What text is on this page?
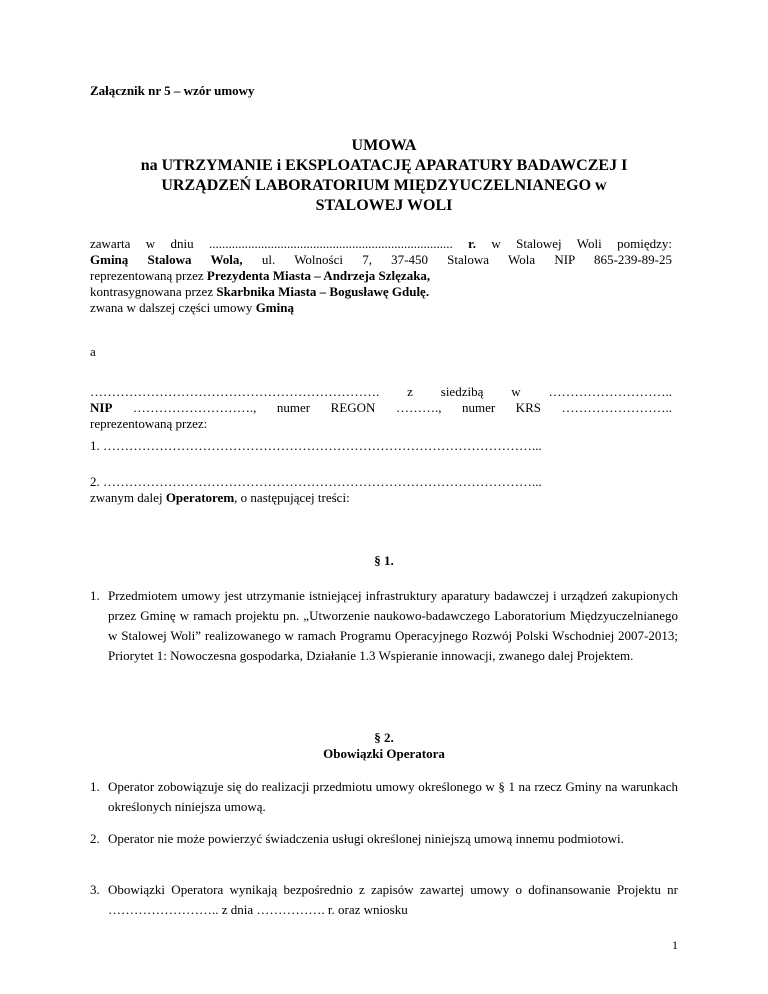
Załącznik nr 5 – wzór umowy
UMOWA
na UTRZYMANIE i EKSPLOATACJĘ APARATURY BADAWCZEJ I
URZĄDZEŃ LABORATORIUM MIĘDZYUCZELNIANEGO w
STALOWEJ WOLI
zawarta w dniu ........................................................................... r. w Stalowej Woli pomiędzy:
Gminą Stalowa Wola, ul. Wolności 7, 37-450 Stalowa Wola NIP 865-239-89-25
reprezentowaną przez Prezydenta Miasta – Andrzeja Szlęzaka,
kontrasygnowana przez Skarbnika Miasta – Bogusławę Gdulę.
zwana w dalszej części umowy Gminą
a
…………………………………………………………. z siedzibą w ………………………..
NIP ………………………., numer REGON ………., numer KRS ……………………..
reprezentowaną przez:
1. ………………………………………………………………………………………...
2. ………………………………………………………………………………………...
zwanym dalej Operatorem, o następującej treści:
§ 1.
1. Przedmiotem umowy jest utrzymanie istniejącej infrastruktury aparatury badawczej i urządzeń zakupionych przez Gminę w ramach projektu pn. „Utworzenie naukowo-badawczego Laboratorium Międzyuczelnianego w Stalowej Woli” realizowanego w ramach Programu Operacyjnego Rozwój Polski Wschodniej 2007-2013; Priorytet 1: Nowoczesna gospodarka, Działanie 1.3 Wspieranie innowacji, zwanego dalej Projektem.
§ 2.
Obowiązki Operatora
1. Operator zobowiązuje się do realizacji przedmiotu umowy określonego w § 1 na rzecz Gminy na warunkach określonych niniejsza umową.
2. Operator nie może powierzyć świadczenia usługi określonej niniejszą umową innemu podmiotowi.
3. Obowiązki Operatora wynikają bezpośrednio z zapisów zawartej umowy o dofinansowanie Projektu nr …………………….. z dnia ……………. r. oraz wniosku
1
